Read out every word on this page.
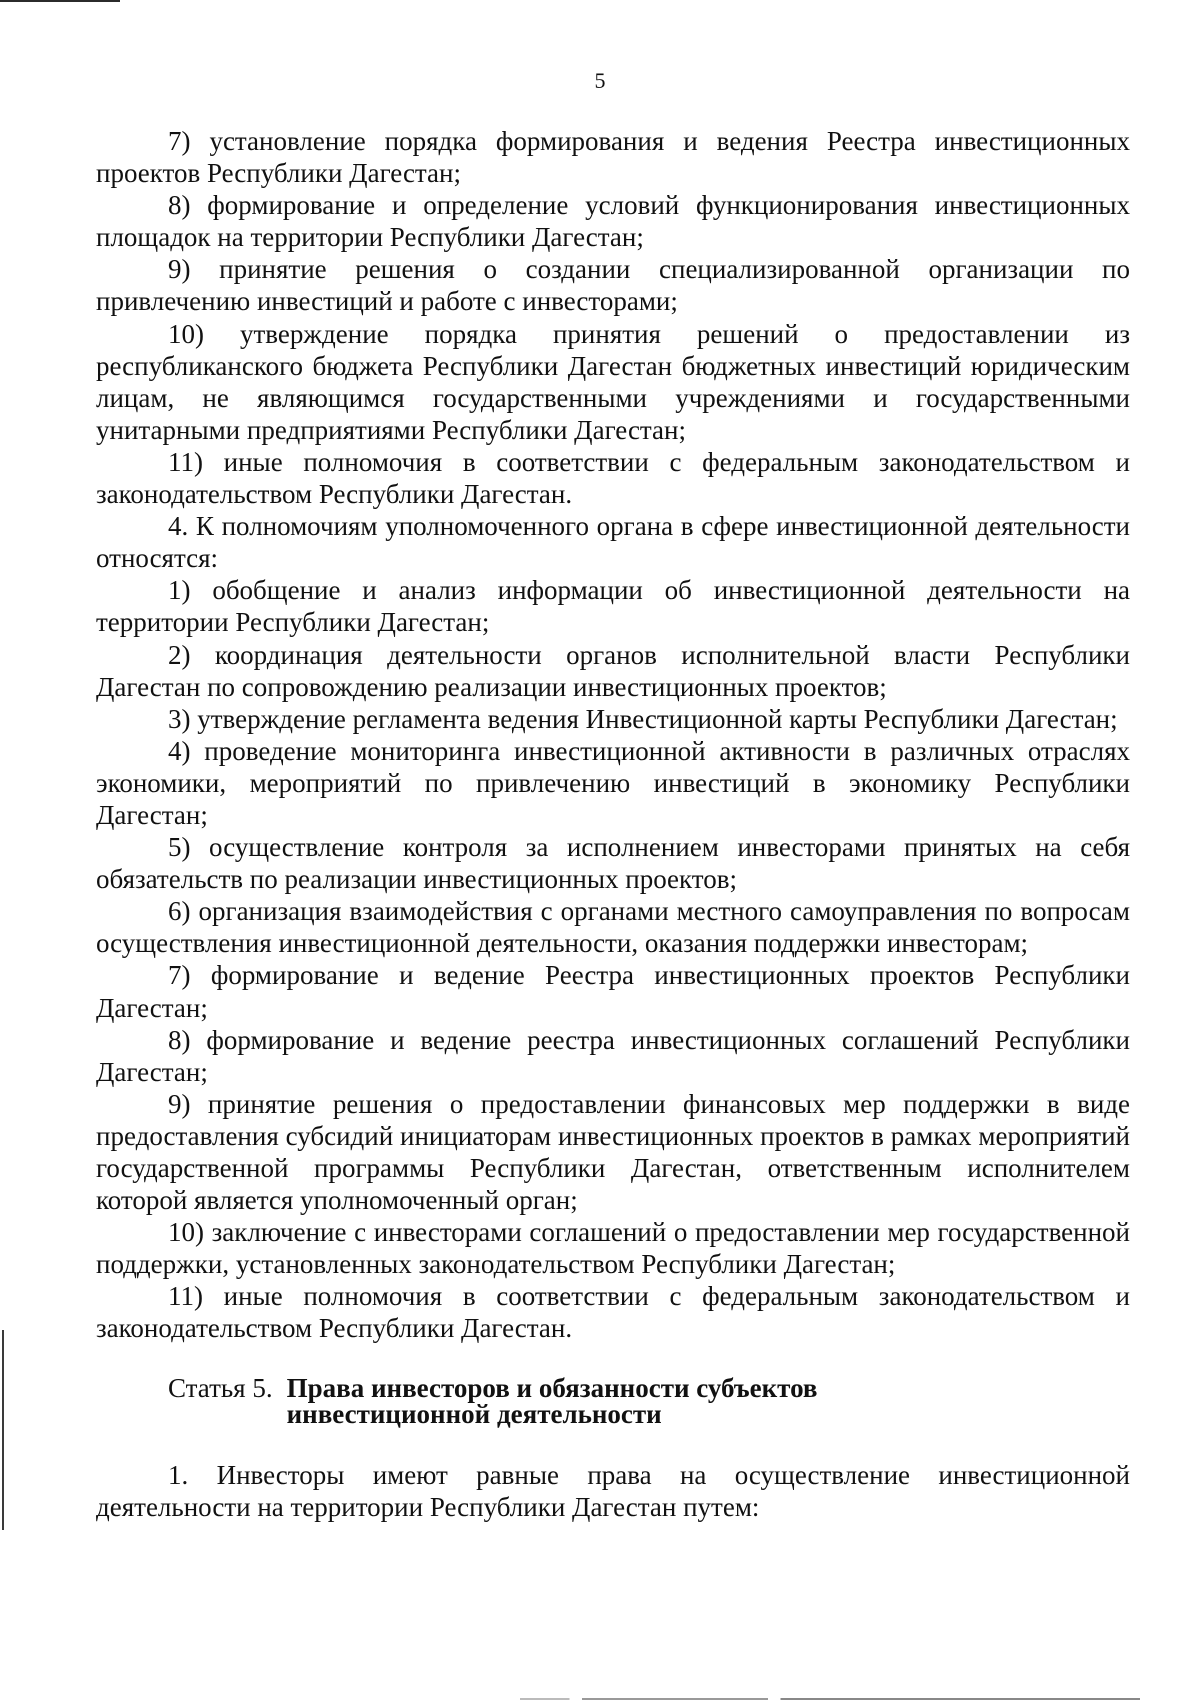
5

7) установление порядка формирования и ведения Реестра инвестиционных проектов Республики Дагестан;

8) формирование и определение условий функционирования инвестиционных площадок на территории Республики Дагестан;

9) принятие решения о создании специализированной организации по привлечению инвестиций и работе с инвесторами;

10) утверждение порядка принятия решений о предоставлении из республиканского бюджета Республики Дагестан бюджетных инвестиций юридическим лицам, не являющимся государственными учреждениями и государственными унитарными предприятиями Республики Дагестан;

11) иные полномочия в соответствии с федеральным законодательством и законодательством Республики Дагестан.

4. К полномочиям уполномоченного органа в сфере инвестиционной деятельности относятся:

1) обобщение и анализ информации об инвестиционной деятельности на территории Республики Дагестан;

2) координация деятельности органов исполнительной власти Республики Дагестан по сопровождению реализации инвестиционных проектов;

3) утверждение регламента ведения Инвестиционной карты Республики Дагестан;

4) проведение мониторинга инвестиционной активности в различных отраслях экономики, мероприятий по привлечению инвестиций в экономику Республики Дагестан;

5) осуществление контроля за исполнением инвесторами принятых на себя обязательств по реализации инвестиционных проектов;

6) организация взаимодействия с органами местного самоуправления по вопросам осуществления инвестиционной деятельности, оказания поддержки инвесторам;

7) формирование и ведение Реестра инвестиционных проектов Республики Дагестан;

8) формирование и ведение реестра инвестиционных соглашений Республики Дагестан;

9) принятие решения о предоставлении финансовых мер поддержки в виде предоставления субсидий инициаторам инвестиционных проектов в рамках мероприятий государственной программы Республики Дагестан, ответственным исполнителем которой является уполномоченный орган;

10) заключение с инвесторами соглашений о предоставлении мер государственной поддержки, установленных законодательством Республики Дагестан;

11) иные полномочия в соответствии с федеральным законодательством и законодательством Республики Дагестан.

Статья 5. Права инвесторов и обязанности субъектов инвестиционной деятельности

1. Инвесторы имеют равные права на осуществление инвестиционной деятельности на территории Республики Дагестан путем:
